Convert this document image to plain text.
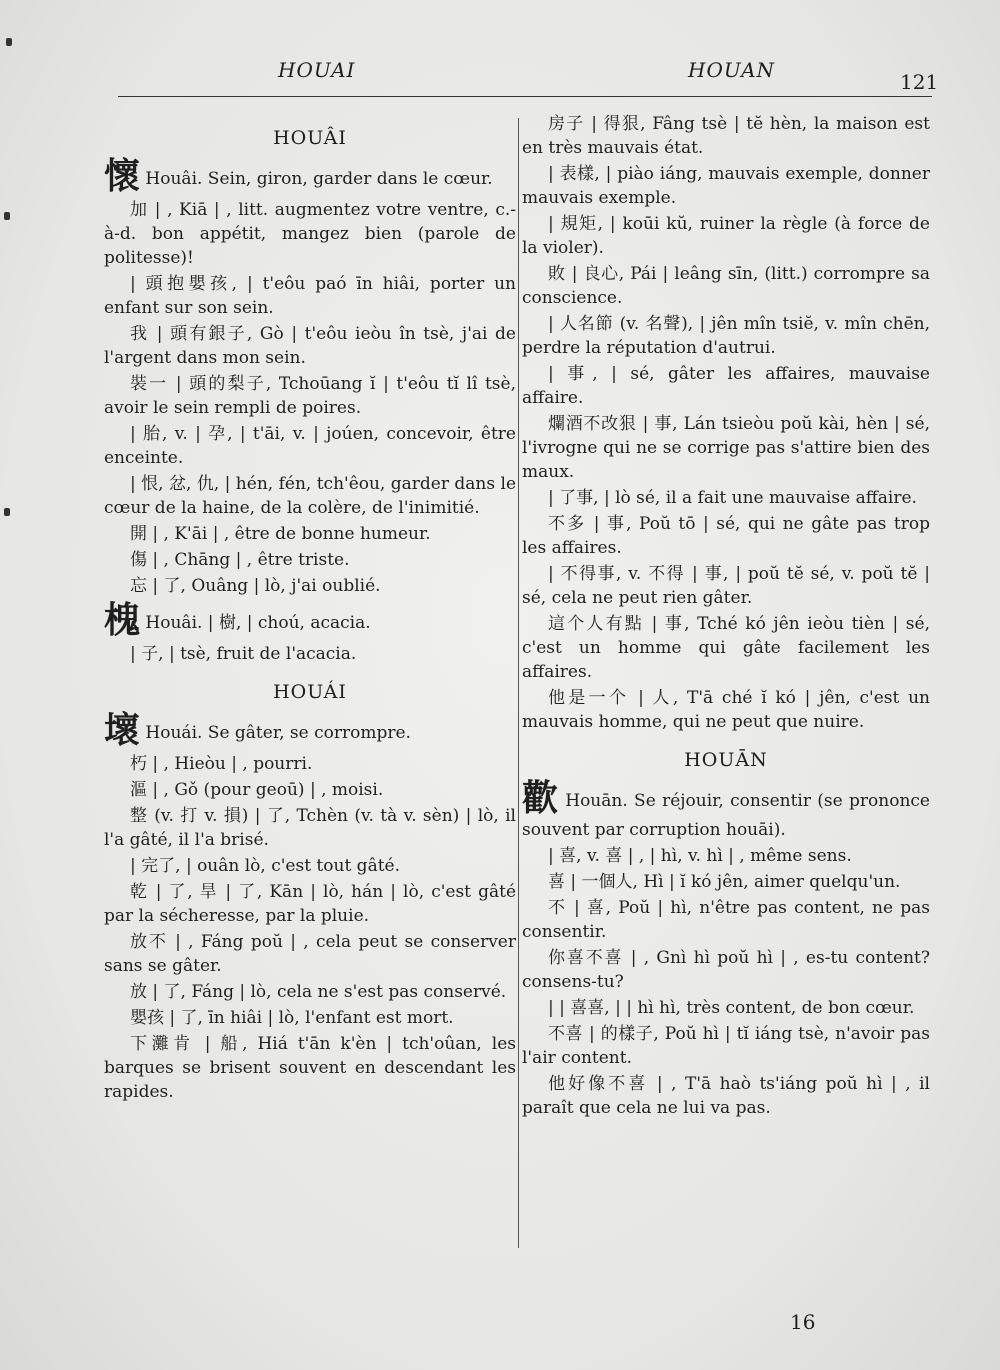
HOUAI	HOUAN	121
HOUÂI
懷 Houâi. Sein, giron, garder dans le cœur.
加 | , Kiā | , litt. augmentez votre ventre, c.-à-d. bon appétit, mangez bien (parole de politesse)!
| 頭抱嬰孩, | t'eôu paó īn hiâi, porter un enfant sur son sein.
我 | 頭有銀子, Gò | t'eôu ieòu în tsè, j'ai de l'argent dans mon sein.
裝一 | 頭的梨子, Tchoūang ĭ | t'eôu tĭ lî tsè, avoir le sein rempli de poires.
| 胎, v. | 孕, | t'āi, v. | joúen, concevoir, être enceinte.
| 恨, 忿, 仇, | hén, fén, tch'êou, garder dans le cœur de la haine, de la colère, de l'inimitié.
開 | , K'āi | , être de bonne humeur.
傷 | , Chāng | , être triste.
忘 | 了, Ouâng | lò, j'ai oublié.
槐 Houâi. | 樹, | choú, acacia.
| 子, | tsè, fruit de l'acacia.
HOUÁI
壞 Houái. Se gâter, se corrompre.
朽 | , Hieòu | , pourri.
漚 | , Gǒ (pour geoū) | , moisi.
整 (v. 打 v. 損) | 了, Tchèn (v. tà v. sèn) | lò, il l'a gâté, il l'a brisé.
| 完了, | ouân lò, c'est tout gâté.
乾 | 了, 旱 | 了, Kān | lò, hán | lò, c'est gâté par la sécheresse, par la pluie.
放不 | , Fáng poŭ | , cela peut se conserver sans se gâter.
放 | 了, Fáng | lò, cela ne s'est pas conservé.
嬰孩 | 了, īn hiâi | lò, l'enfant est mort.
下灘肯 | 船, Hiá t'ān k'èn | tch'oûan, les barques se brisent souvent en descendant les rapides.
房子 | 得狠, Fâng tsè | tĕ hèn, la maison est en très mauvais état.
| 表樣, | piào iáng, mauvais exemple, donner mauvais exemple.
| 規矩, | koūi kŭ, ruiner la règle (à force de la violer).
敗 | 良心, Pái | leâng sīn, (litt.) corrompre sa conscience.
| 人名節 (v. 名聲), | jên mîn tsiĕ, v. mîn chēn, perdre la réputation d'autrui.
| 事, | sé, gâter les affaires, mauvaise affaire.
爛酒不改狠 | 事, Lán tsieòu poŭ kài, hèn | sé, l'ivrogne qui ne se corrige pas s'attire bien des maux.
| 了事, | lò sé, il a fait une mauvaise affaire.
不多 | 事, Poŭ tō | sé, qui ne gâte pas trop les affaires.
| 不得事, v. 不得 | 事, | poŭ tĕ sé, v. poŭ tĕ | sé, cela ne peut rien gâter.
這个人有點 | 事, Tché kó jên ieòu tièn | sé, c'est un homme qui gâte facilement les affaires.
他是一个 | 人, T'ā ché ĭ kó | jên, c'est un mauvais homme, qui ne peut que nuire.
HOUĀN
歡 Houān. Se réjouir, consentir (se prononce souvent par corruption houāi).
| 喜, v. 喜 | , | hì, v. hì | , même sens.
喜 | 一個人, Hì | ĭ kó jên, aimer quelqu'un.
不 | 喜, Poŭ | hì, n'être pas content, ne pas consentir.
你喜不喜 | , Gnì hì poŭ hì | , es-tu content? consens-tu?
| | 喜喜, | | hì hì, très content, de bon cœur.
不喜 | 的樣子, Poŭ hì | tĭ iáng tsè, n'avoir pas l'air content.
他好像不喜 | , T'ā haò ts'iáng poŭ hì | , il paraît que cela ne lui va pas.
16
